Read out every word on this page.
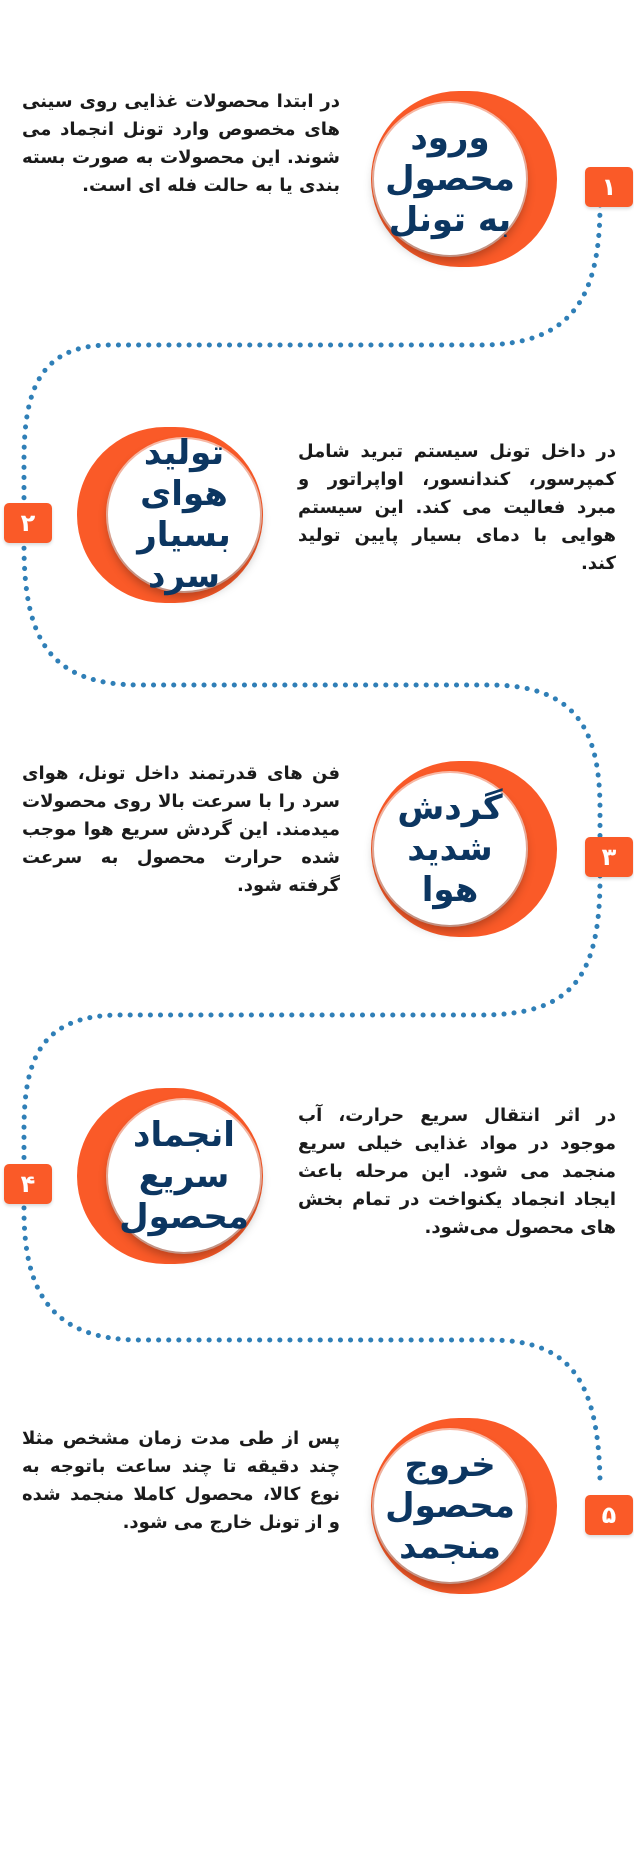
۱
ورود محصول به تونل
در ابتدا محصولات غذایی روی سینی های مخصوص وارد تونل انجماد می شوند. این محصولات به صورت بسته بندی یا به حالت فله ای است.
۲
تولید هوای بسیار سرد
در داخل تونل سیستم تبرید شامل کمپرسور، کندانسور، اواپراتور و مبرد فعالیت می کند. این سیستم هوایی با دمای بسیار پایین تولید کند.
۳
گردش شدید هوا
فن های قدرتمند داخل تونل، هوای سرد را با سرعت بالا روی محصولات میدمند. این گردش سریع هوا موجب شده حرارت محصول به سرعت گرفته شود.
۴
انجماد سریع محصول
در اثر انتقال سریع حرارت، آب موجود در مواد غذایی خیلی سریع منجمد می شود. این مرحله باعث ایجاد انجماد یکنواخت در تمام بخش های محصول می‌شود.
۵
خروج محصول منجمد
پس از طی مدت زمان مشخص مثلا چند دقیقه تا چند ساعت باتوجه به نوع کالا، محصول کاملا منجمد شده و از تونل خارج می شود.
